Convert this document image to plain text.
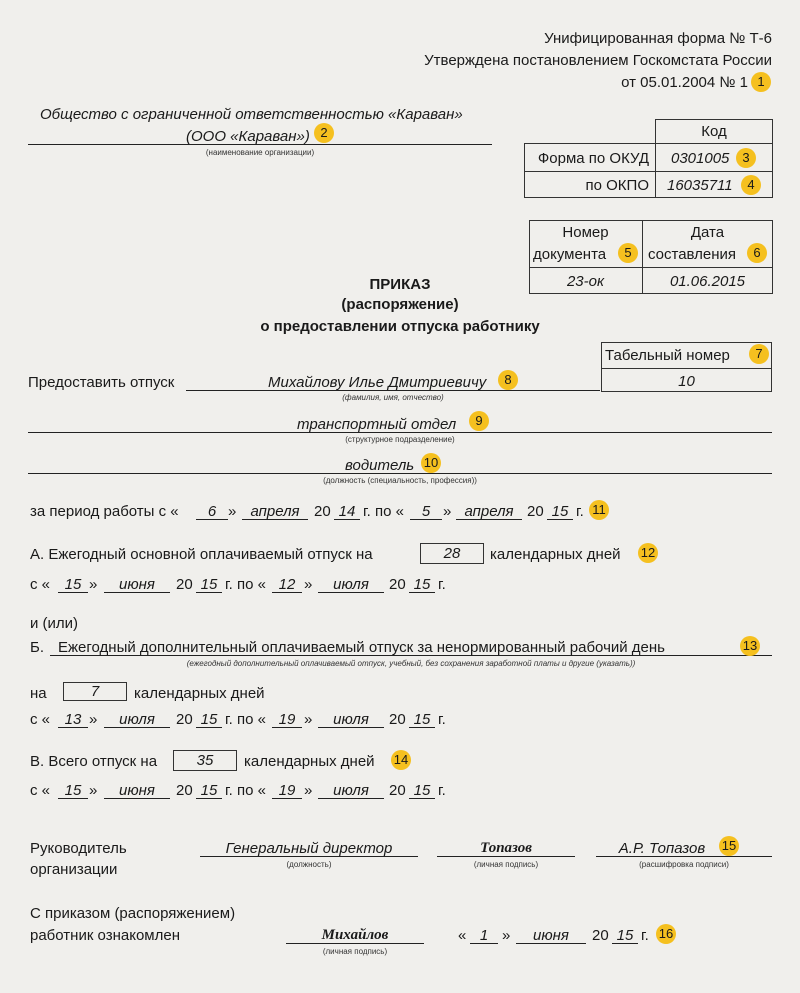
Унифицированная форма № Т-6
Утверждена постановлением Госкомстата России
от 05.01.2004 № 1 1
Общество с ограниченной ответственностью «Караван»
(ООО «Караван») 2
(наименование организации)
Код
Форма по ОКУД 0301005 3
по ОКПО 16035711	4
Номер
документа	5
Дата
составления	6
23-ок	01.06.2015
ПРИКАЗ
(распоряжение)
о предоставлении отпуска работнику
Табельный номер	7
10
Предоставить отпуск	Михайлову Илье Дмитриевичу	8
(фамилия, имя, отчество)
транспортный отдел	9
(структурное подразделение)
водитель 10
(должность (специальность, профессия))
за период работы с «	6 » апреля 20 14 г. по «	5 » апреля 20 15 г. 11
А. Ежегодный основной оплачиваемый отпуск на	28	календарных дней 12
с « 15 »	июня	20 15 г. по « 12 »	июля	20 15 г.
и (или)
Б. Ежегодный дополнительный оплачиваемый отпуск за ненормированный рабочий день	13
(ежегодный дополнительный оплачиваемый отпуск, учебный, без сохранения заработной платы и другие (указать))
на	7	календарных дней
с « 13 »	июля	20 15 г. по « 19 »	июля	20 15 г.
В. Всего отпуск на	35	календарных дней 14
с « 15 »	июня	20 15 г. по « 19 »	июля	20 15 г.
Руководитель
организации
Генеральный директор
(должность)
Топазов
(личная подпись)
А.Р. Топазов	15
(расшифровка подписи)
С приказом (распоряжением)
работник ознакомлен	Михайлов
(личная подпись)
« 1 »	июня	20 15 г. 16
